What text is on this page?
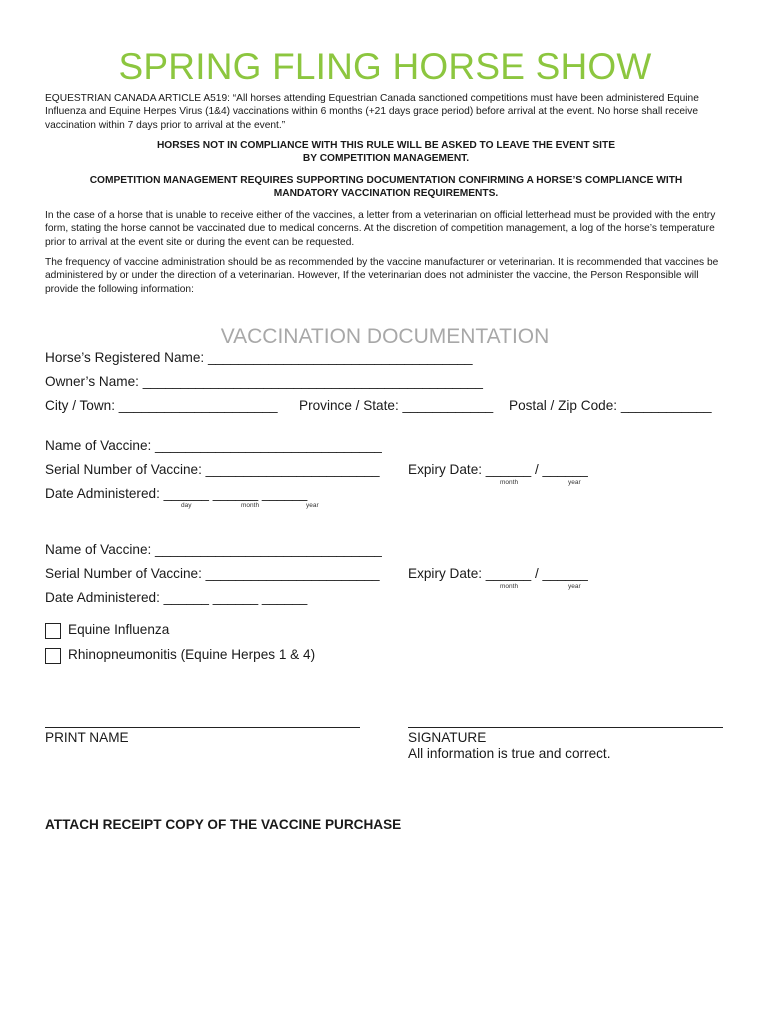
SPRING FLING HORSE SHOW
EQUESTRIAN CANADA ARTICLE A519: “All horses attending Equestrian Canada sanctioned competitions must have been administered Equine Influenza and Equine Herpes Virus (1&4) vaccinations within 6 months (+21 days grace period) before arrival at the event. No horse shall receive vaccination within 7 days prior to arrival at the event.”
HORSES NOT IN COMPLIANCE WITH THIS RULE WILL BE ASKED TO LEAVE THE EVENT SITE
BY COMPETITION MANAGEMENT.
COMPETITION MANAGEMENT REQUIRES SUPPORTING DOCUMENTATION CONFIRMING A HORSE’S COMPLIANCE WITH
MANDATORY VACCINATION REQUIREMENTS.
In the case of a horse that is unable to receive either of the vaccines, a letter from a veterinarian on official letterhead must be provided with the entry form, stating the horse cannot be vaccinated due to medical concerns. At the discretion of competition management, a log of the horse’s temperature prior to arrival at the event site or during the event can be requested.
The frequency of vaccine administration should be as recommended by the vaccine manufacturer or veterinarian. It is recommended that vaccines be administered by or under the direction of a veterinarian. However, If the veterinarian does not administer the vaccine, the Person Responsible will provide the following information:
VACCINATION DOCUMENTATION
Horse’s Registered Name: ___________________________________
Owner’s Name: _____________________________________________
City / Town: _____________________ Province / State: ____________ Postal / Zip Code: ____________
Name of Vaccine: ______________________________
Serial Number of Vaccine: _______________________ Expiry Date: ______ / ______
month	year
Date Administered: ______ ______ ______
day	month	year
Name of Vaccine: ______________________________
Serial Number of Vaccine: _______________________ Expiry Date: ______ / ______
month	year
Date Administered: ______ ______ ______
Equine Influenza
Rhinopneumonitis (Equine Herpes 1 & 4)
PRINT NAME	SIGNATURE
All information is true and correct.
ATTACH RECEIPT COPY OF THE VACCINE PURCHASE
